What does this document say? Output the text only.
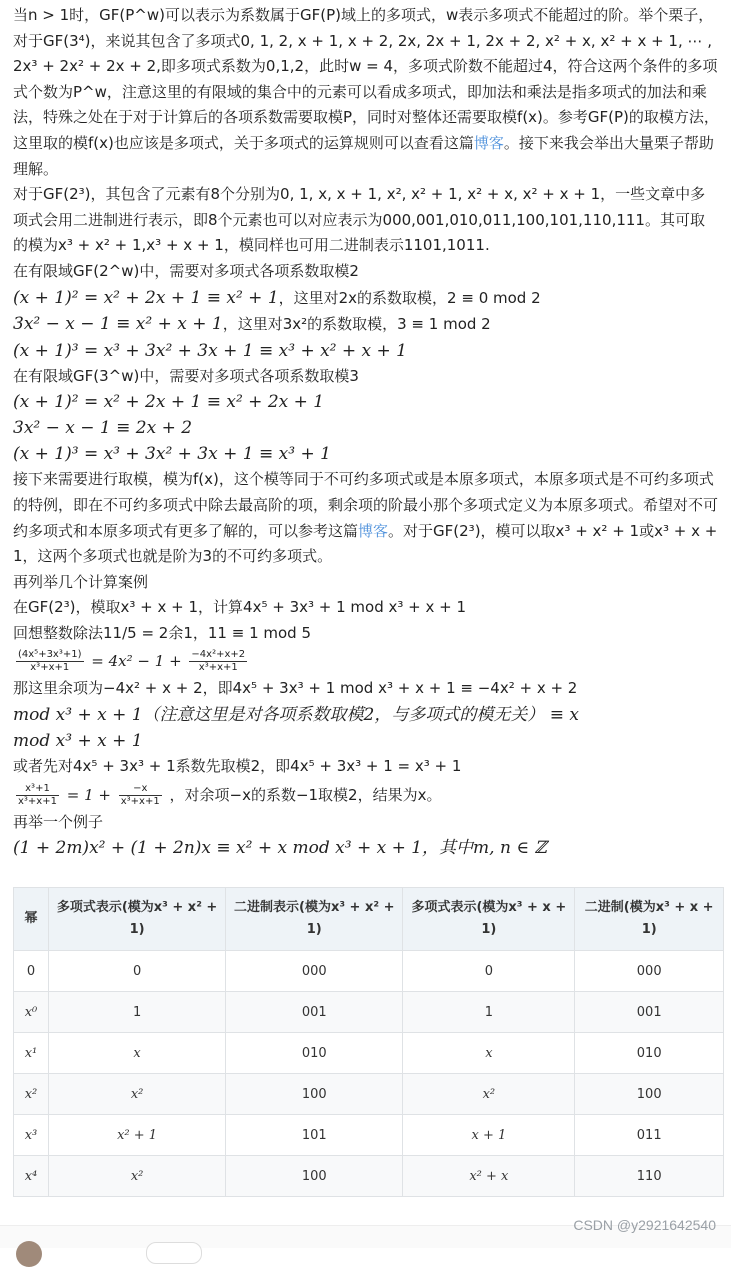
当n > 1时，GF(P^w)可以表示为系数属于GF(P)域上的多项式，w表示多项式不能超过的阶。举个栗子，对于GF(3⁴)，来说其包含了多项式0, 1, 2, x + 1, x + 2, 2x, 2x + 1, 2x + 2, x² + x, x² + x + 1, ⋯ , 2x³ + 2x² + 2x + 2,即多项式系数为0,1,2，此时w = 4，多项式阶数不能超过4，符合这两个条件的多项式个数为P^w，注意这里的有限域的集合中的元素可以看成多项式，即加法和乘法是指多项式的加法和乘法，特殊之处在于对于计算后的各项系数需要取模P，同时对整体还需要取模f(x)。参考GF(P)的取模方法，这里取的模f(x)也应该是多项式，关于多项式的运算规则可以查看这篇博客。接下来我会举出大量栗子帮助理解。

对于GF(2³)，其包含了元素有8个分别为0, 1, x, x + 1, x², x² + 1, x² + x, x² + x + 1，一些文章中多项式会用二进制进行表示，即8个元素也可以对应表示为000,001,010,011,100,101,110,111。其可取的模为x³ + x² + 1,x³ + x + 1，模同样也可用二进制表示1101,1011.

在有限域GF(2^w)中，需要对多项式各项系数取模2

(x + 1)² = x² + 2x + 1 ≡ x² + 1，这里对2x的系数取模，2 ≡ 0 mod 2

3x² − x − 1 ≡ x² + x + 1，这里对3x²的系数取模，3 ≡ 1 mod 2

(x + 1)³ = x³ + 3x² + 3x + 1 ≡ x³ + x² + x + 1

在有限域GF(3^w)中，需要对多项式各项系数取模3

(x + 1)² = x² + 2x + 1 ≡ x² + 2x + 1

3x² − x − 1 ≡ 2x + 2

(x + 1)³ = x³ + 3x² + 3x + 1 ≡ x³ + 1

接下来需要进行取模，模为f(x)，这个模等同于不可约多项式或是本原多项式，本原多项式是不可约多项式的特例，即在不可约多项式中除去最高阶的项，剩余项的阶最小那个多项式定义为本原多项式。希望对不可约多项式和本原多项式有更多了解的，可以参考这篇博客。对于GF(2³)，模可以取x³ + x² + 1或x³ + x + 1，这两个多项式也就是阶为3的不可约多项式。

再列举几个计算案例

在GF(2³)，模取x³ + x + 1，计算4x⁵ + 3x³ + 1 mod x³ + x + 1

回想整数除法11/5 = 2余1，11 ≡ 1 mod 5

$\frac{\text{(4x⁵+3x³+1)}}{\text{x³+x+1}} = 4x^2 - 1 + \frac{\text{−4x²+x+2}}{\text{x³+x+1}}$

那这里余项为−4x² + x + 2，即4x⁵ + 3x³ + 1 mod x³ + x + 1 ≡ −4x² + x + 2

mod x³ + x + 1（注意这里是对各项系数取模2，与多项式的模无关） ≡ x

mod x³ + x + 1

或者先对4x⁵ + 3x³ + 1系数先取模2，即4x⁵ + 3x³ + 1 = x³ + 1

$\frac{\text{x³+1}}{\text{x³+x+1}} = 1 + \frac{-x}{\text{x³+x+1}}$ ，对余项−x的系数−1取模2，结果为x。

再举一个例子

(1 + 2m)x² + (1 + 2n)x ≡ x² + x mod x³ + x + 1，其中m, n ∈ ℤ

幂	多项式表示(模为x³ + x² + 1)	二进制表示(模为x³ + x² + 1)	多项式表示(模为x³ + x + 1)	二进制(模为x³ + x + 1)
0	0	000	0	000
x⁰	1	001	1	001
x¹	x	010	x	010
x²	x²	100	x²	100
x³	x² + 1	101	x + 1	011
x⁴	x²	100	x² + x	110
CSDN @y2921642540
